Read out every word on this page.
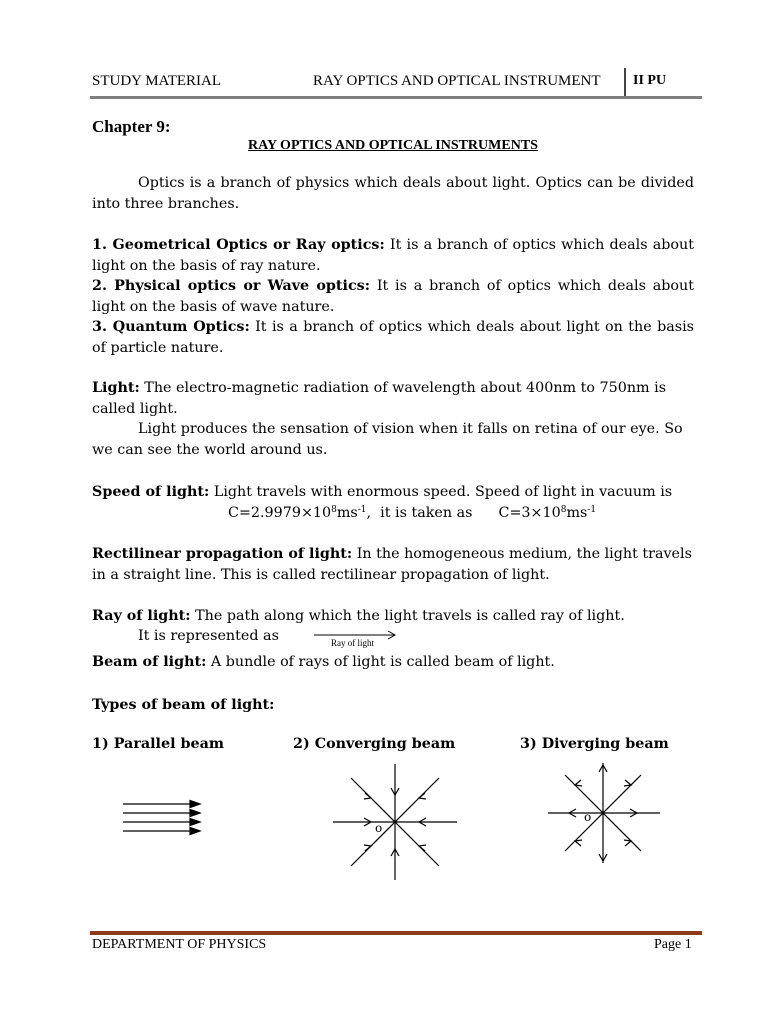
STUDY MATERIAL	RAY OPTICS AND OPTICAL INSTRUMENT II PU
Chapter 9:
RAY OPTICS AND OPTICAL INSTRUMENTS
Optics is a branch of physics which deals about light. Optics can be divided into three branches.
1. Geometrical Optics or Ray optics: It is a branch of optics which deals about light on the basis of ray nature.
2. Physical optics or Wave optics: It is a branch of optics which deals about light on the basis of wave nature.
3. Quantum Optics: It is a branch of optics which deals about light on the basis of particle nature.
Light: The electro-magnetic radiation of wavelength about 400nm to 750nm is called light.
Light produces the sensation of vision when it falls on retina of our eye. So we can see the world around us.
Speed of light: Light travels with enormous speed. Speed of light in vacuum is
$C=2.9979\times 10^8ms^{-1}$,  it is taken as $C=3\times 10^8ms^{-1}$
Rectilinear propagation of light: In the homogeneous medium, the light travels in a straight line. This is called rectilinear propagation of light.
Ray of light: The path along which the light travels is called ray of light.
It is represented as	Ray of light
Beam of light: A bundle of rays of light is called beam of light.
Types of beam of light:
1) Parallel beam	2) Converging beam	3) Diverging beam
o
o
DEPARTMENT OF PHYSICS	Page 1
